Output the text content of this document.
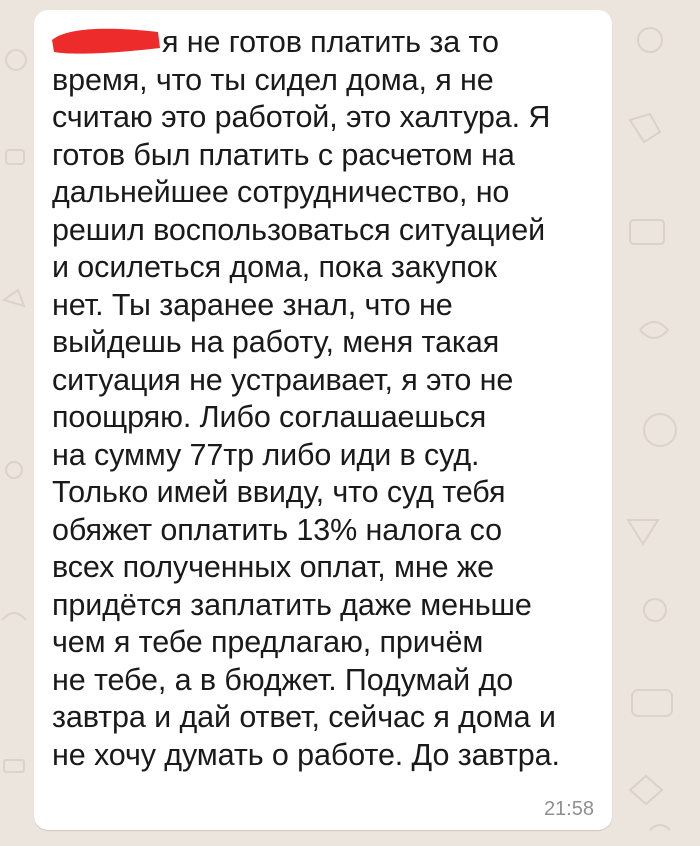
я не готов платить за то
время, что ты сидел дома, я не
считаю это работой, это халтура. Я
готов был платить с расчетом на
дальнейшее сотрудничество, но
решил воспользоваться ситуацией
и осилеться дома, пока закупок
нет. Ты заранее знал, что не
выйдешь на работу, меня такая
ситуация не устраивает, я это не
поощряю. Либо соглашаешься
на сумму 77тр либо иди в суд.
Только имей ввиду, что суд тебя
обяжет оплатить 13% налога со
всех полученных оплат, мне же
придётся заплатить даже меньше
чем я тебе предлагаю, причём
не тебе, а в бюджет. Подумай до
завтра и дай ответ, сейчас я дома и
не хочу думать о работе. До завтра.
21:58
